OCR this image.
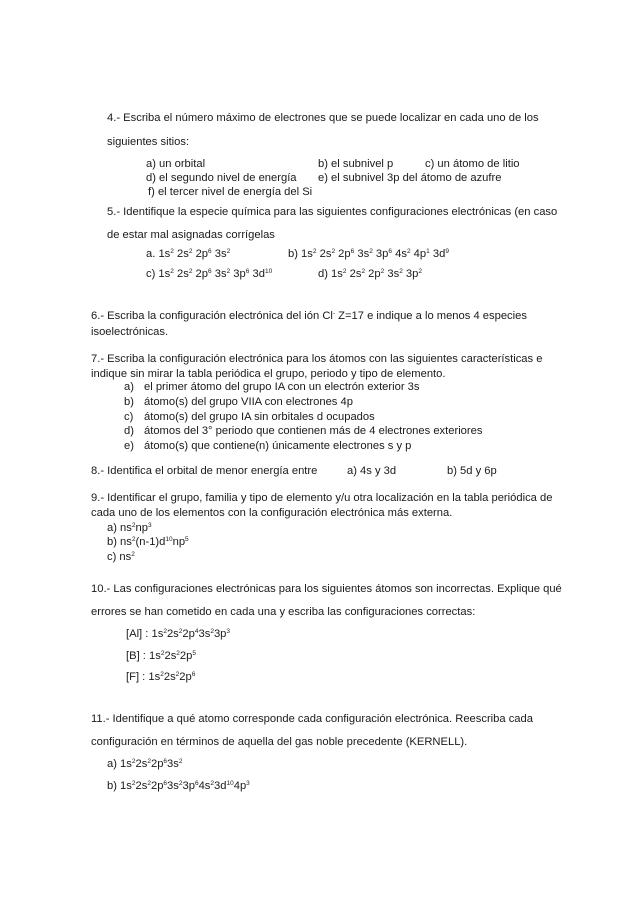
4.- Escriba el número máximo de electrones que se puede localizar en cada uno de los
siguientes sitios:
a) un orbital	b) el subnivel p	c) un átomo de litio
d) el segundo nivel de energía e) el subnivel 3p del átomo de azufre
f) el tercer nivel de energía del Si
5.- Identifique la especie química para las siguientes configuraciones electrónicas (en caso
de estar mal asignadas corrígelas
a. $1s^2$ $2s^2$ $2p^6$ $3s^2$	b) $1s^2$ $2s^2$ $2p^6$ $3s^2$ $3p^6$ $4s^2$ $4p^1$ $3d^9$
c) $1s^2$ $2s^2$ $2p^6$ $3s^2$ $3p^6$ $3d^{10}$	d) $1s^2$ $2s^2$ $2p^2$ $3s^2$ $3p^2$
6.- Escriba la configuración electrónica del ión Cl- Z=17 e indique a lo menos 4 especies
isoelectrónicas.
7.- Escriba la configuración electrónica para los átomos con las siguientes características e
indique sin mirar la tabla periódica el grupo, periodo y tipo de elemento.
a) el primer átomo del grupo IA con un electrón exterior 3s
b) átomo(s) del grupo VIIA con electrones 4p
c) átomo(s) del grupo IA sin orbitales d ocupados
d) átomos del 3° periodo que contienen más de 4 electrones exteriores
e) átomo(s) que contiene(n) únicamente electrones s y p
8.- Identifica el orbital de menor energía entre	a) 4s y 3d	b) 5d y 6p
9.- Identificar el grupo, familia y tipo de elemento y/u otra localización en la tabla periódica de
cada uno de los elementos con la configuración electrónica más externa.
a) $ns^2np^3$
b) $ns^2(n-1)d^{10}np^5$
c) $ns^2$
10.- Las configuraciones electrónicas para los siguientes átomos son incorrectas. Explique qué
errores se han cometido en cada una y escriba las configuraciones correctas:
[Al] : $1s^22s^22p^43s^23p^3$
[B] : $1s^22s^22p^5$
[F] : $1s^22s^22p^6$
11.- Identifique a qué atomo corresponde cada configuración electrónica. Reescriba cada
configuración en términos de aquella del gas noble precedente (KERNELL).
a) $1s^22s^22p^63s^2$
b) $1s^22s^22p^63s^23p^64s^23d^{10}4p^3$
